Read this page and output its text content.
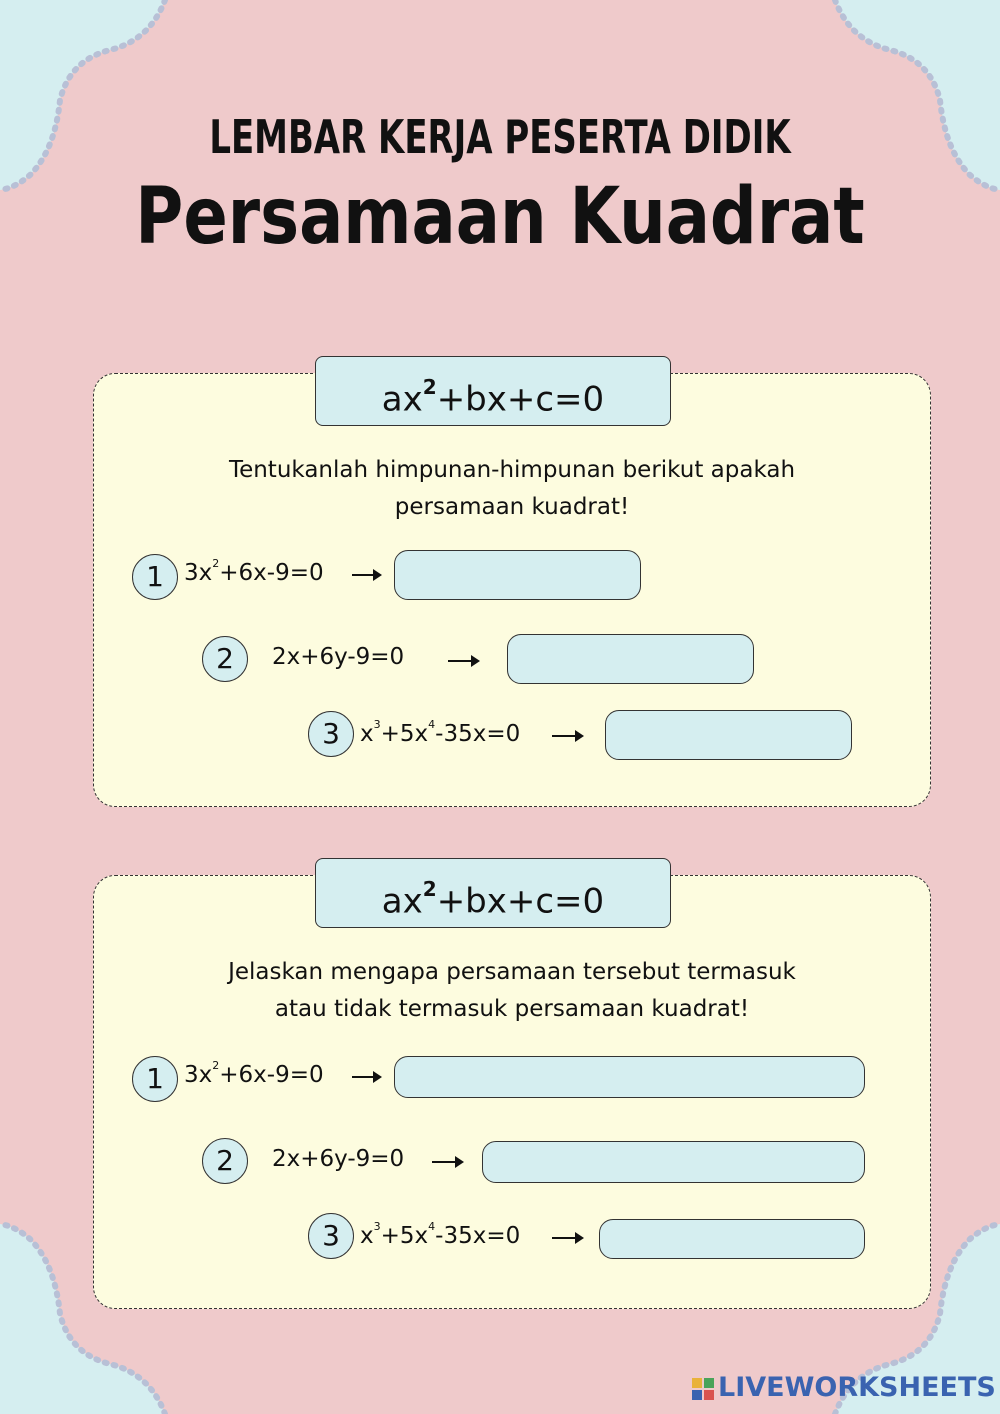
LEMBAR KERJA PESERTA DIDIK
Persamaan Kuadrat
$ax^2+bx+c=0$
Tentukanlah himpunan-himpunan berikut apakah
persamaan kuadrat!
1 $3x^2+6x-9=0$
2	2x+6y-9=0
3 $x^3+5x^4-35x=0$
$ax^2+bx+c=0$
Jelaskan mengapa persamaan tersebut termasuk
atau tidak termasuk persamaan kuadrat!
1 $3x^2+6x-9=0$
2	2x+6y-9=0
3 $x^3+5x^4-35x=0$
LIVEWORKSHEETS
